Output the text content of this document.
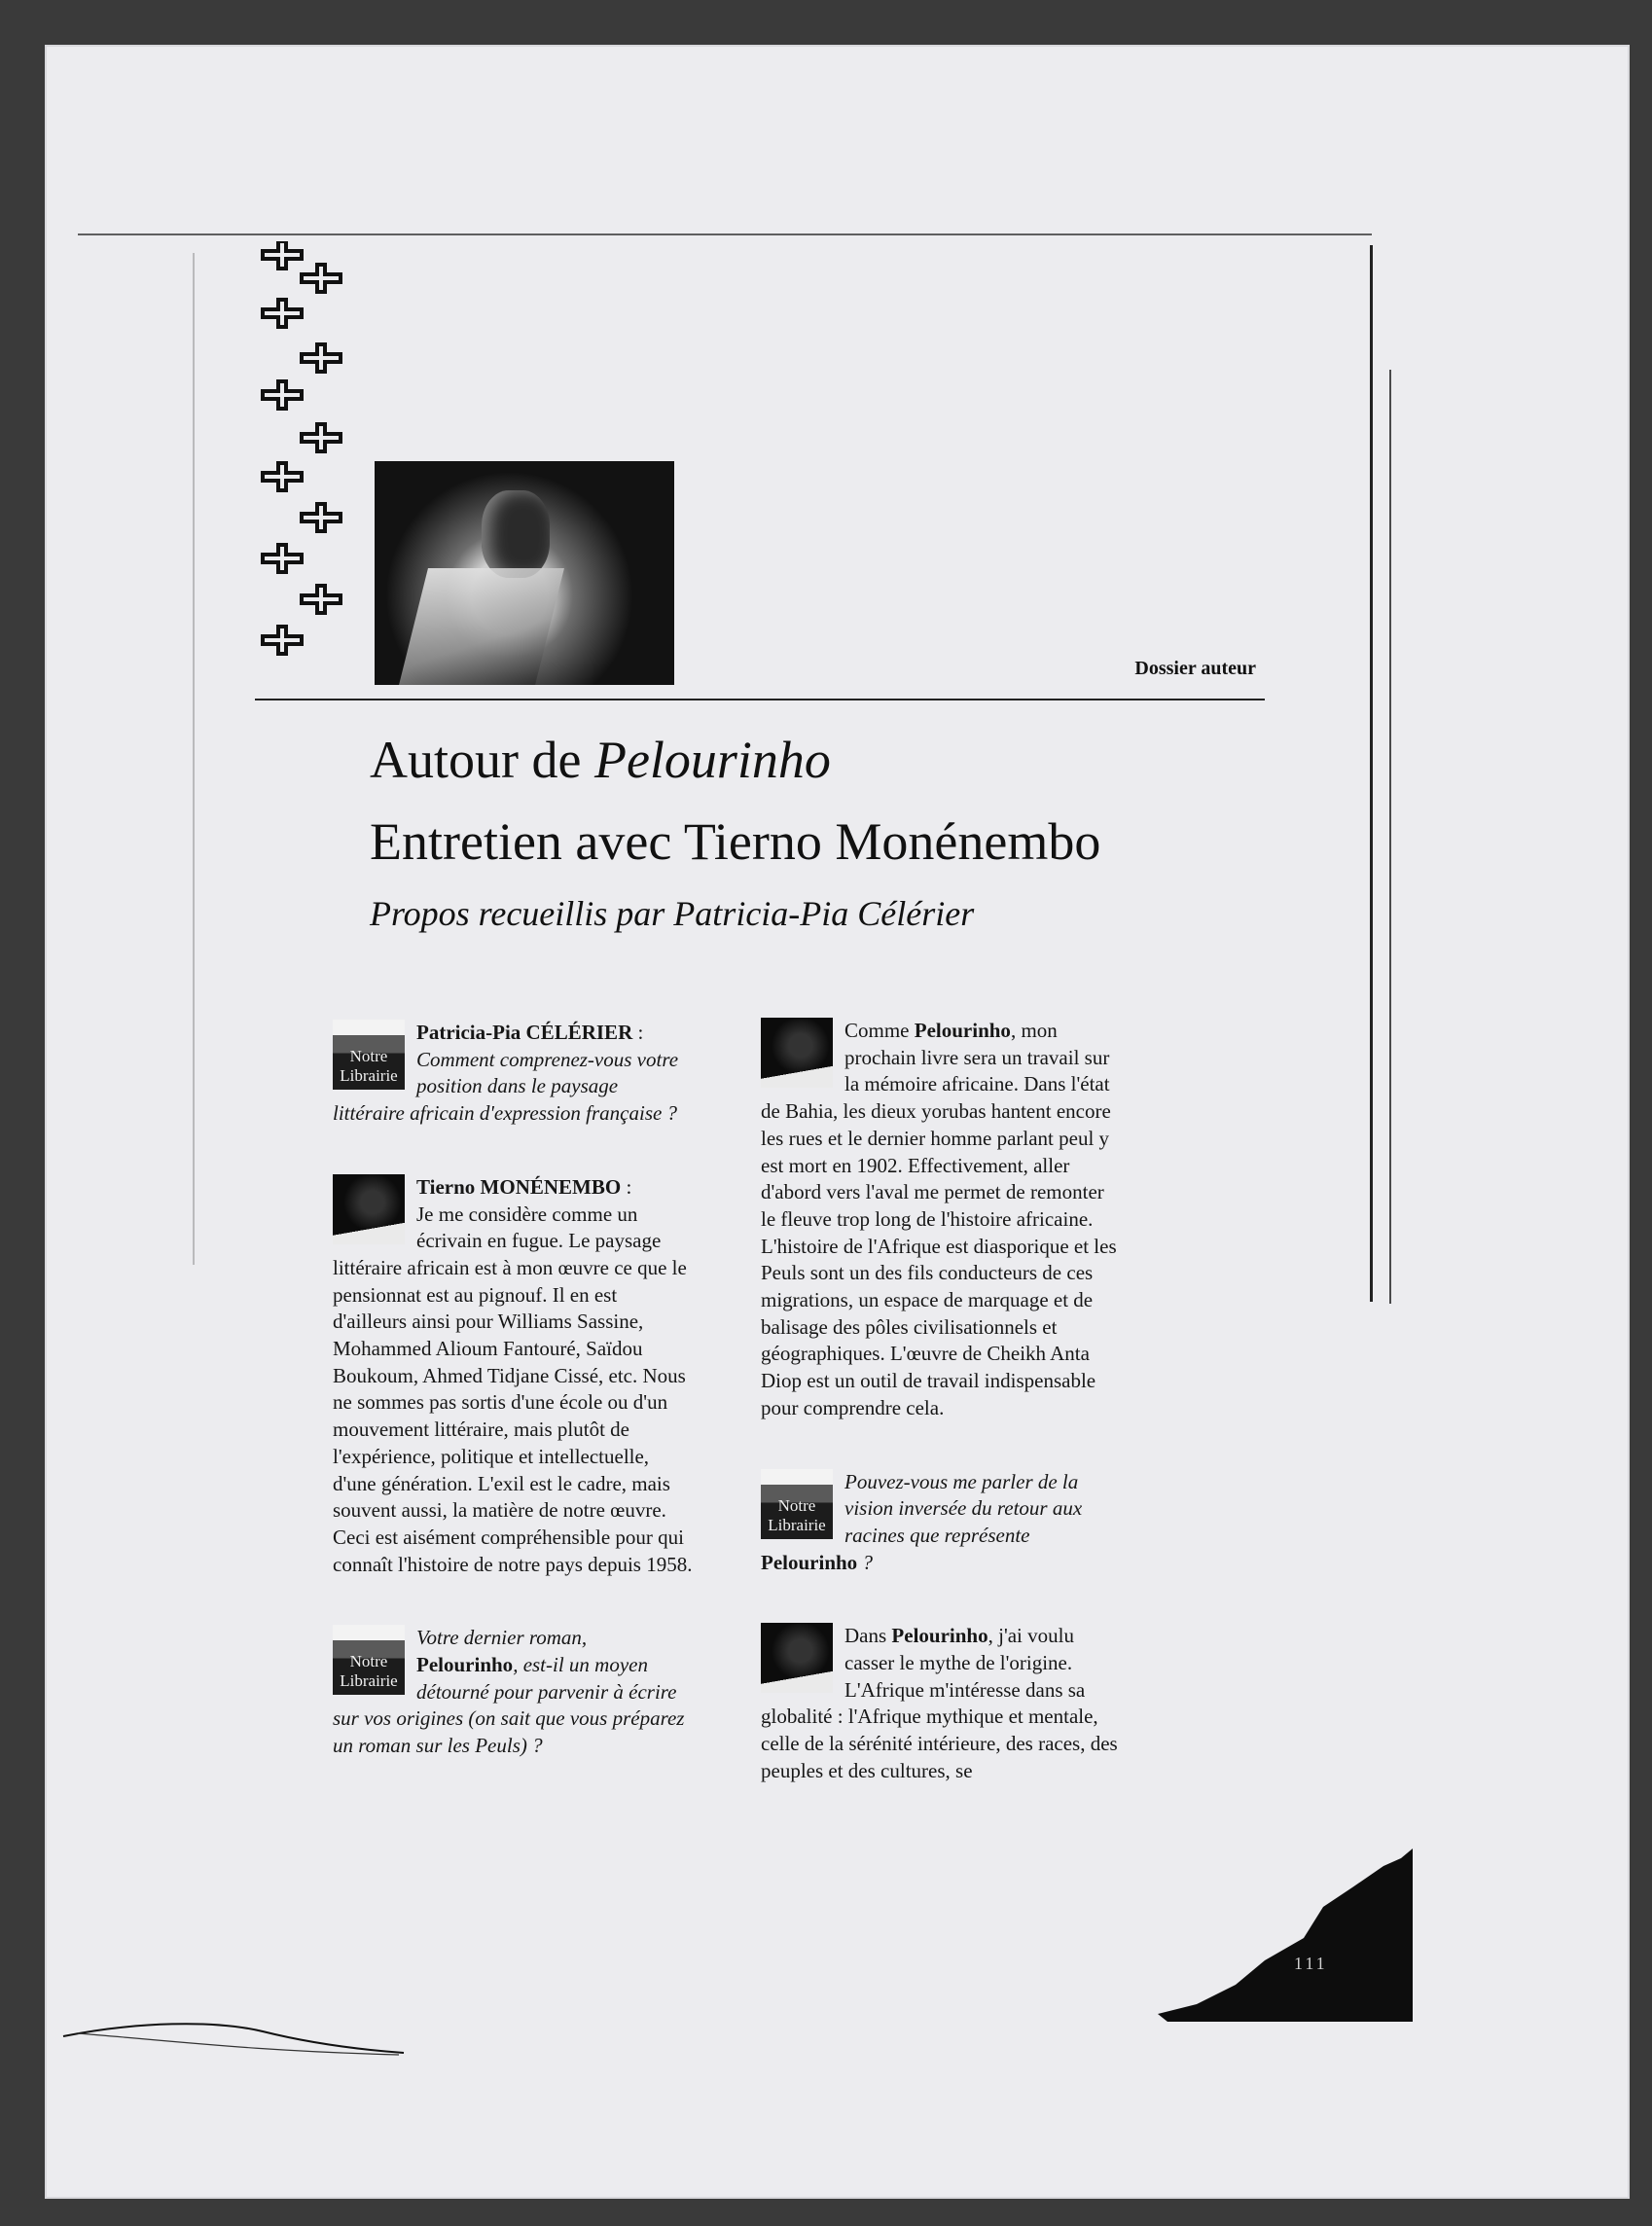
Dossier auteur
Autour de Pelourinho
Entretien avec Tierno Monénembo
Propos recueillis par Patricia-Pia Célérier

Notre
Librairie
Patricia-Pia CÉLÉRIER :
Comment comprenez-vous votre position dans le paysage littéraire africain d'expression française ?

Tierno MONÉNEMBO :
Je me considère comme un écrivain en fugue. Le paysage littéraire africain est à mon œuvre ce que le pensionnat est au pignouf. Il en est d'ailleurs ainsi pour Williams Sassine, Mohammed Alioum Fantouré, Saïdou Boukoum, Ahmed Tidjane Cissé, etc. Nous ne sommes pas sortis d'une école ou d'un mouvement littéraire, mais plutôt de l'expérience, politique et intellectuelle, d'une génération. L'exil est le cadre, mais souvent aussi, la matière de notre œuvre. Ceci est aisément compréhensible pour qui connaît l'histoire de notre pays depuis 1958.

Notre
Librairie
Votre dernier roman, Pelourinho, est-il un moyen détourné pour parvenir à écrire sur vos origines (on sait que vous préparez un roman sur les Peuls) ?

Comme Pelourinho, mon prochain livre sera un travail sur la mémoire africaine. Dans l'état de Bahia, les dieux yorubas hantent encore les rues et le dernier homme parlant peul y est mort en 1902. Effectivement, aller d'abord vers l'aval me permet de remonter le fleuve trop long de l'histoire africaine.

L'histoire de l'Afrique est diasporique et les Peuls sont un des fils conducteurs de ces migrations, un espace de marquage et de balisage des pôles civilisationnels et géographiques. L'œuvre de Cheikh Anta Diop est un outil de travail indispensable pour comprendre cela.

Notre
Librairie
Pouvez-vous me parler de la vision inversée du retour aux racines que représente Pelourinho ?

Dans Pelourinho, j'ai voulu casser le mythe de l'origine. L'Afrique m'intéresse dans sa globalité : l'Afrique mythique et mentale, celle de la sérénité intérieure, des races, des peuples et des cultures, se

111
